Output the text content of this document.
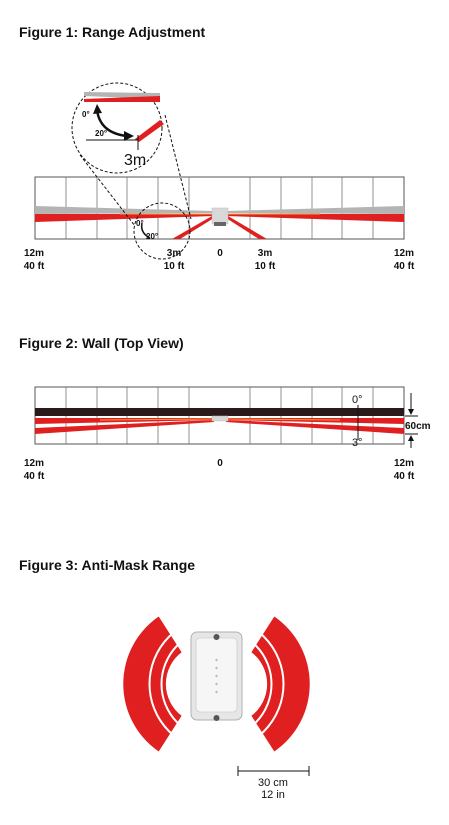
Figure 1: Range Adjustment
0°
20°
0°
20°
3m
12m
40 ft
3m
10 ft
0	3m
10 ft
12m
40 ft
Figure 2: Wall (Top View)
0°
3°
60cm
12m
40 ft
0	12m
40 ft
Figure 3: Anti-Mask Range
30 cm
12 in
